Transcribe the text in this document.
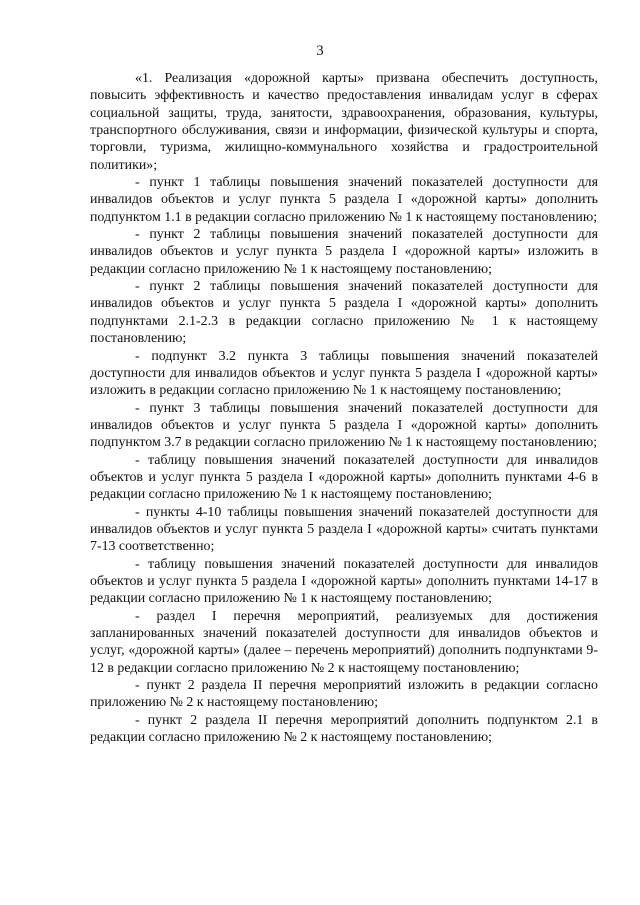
3

«1. Реализация «дорожной карты» призвана обеспечить доступность, повысить эффективность и качество предоставления инвалидам услуг в сферах социальной защиты, труда, занятости, здравоохранения, образования, культуры, транспортного обслуживания, связи и информации, физической культуры и спорта, торговли, туризма, жилищно-коммунального хозяйства и градостроительной политики»;

- пункт 1 таблицы повышения значений показателей доступности для инвалидов объектов и услуг пункта 5 раздела I «дорожной карты» дополнить подпунктом 1.1 в редакции согласно приложению № 1 к настоящему постановлению;

- пункт 2 таблицы повышения значений показателей доступности для инвалидов объектов и услуг пункта 5 раздела I «дорожной карты» изложить в редакции согласно приложению № 1 к настоящему постановлению;

- пункт 2 таблицы повышения значений показателей доступности для инвалидов объектов и услуг пункта 5 раздела I «дорожной карты» дополнить подпунктами 2.1-2.3 в редакции согласно приложению № 1 к настоящему постановлению;

- подпункт 3.2 пункта 3 таблицы повышения значений показателей доступности для инвалидов объектов и услуг пункта 5 раздела I «дорожной карты» изложить в редакции согласно приложению № 1 к настоящему постановлению;

- пункт 3 таблицы повышения значений показателей доступности для инвалидов объектов и услуг пункта 5 раздела I «дорожной карты» дополнить подпунктом 3.7 в редакции согласно приложению № 1 к настоящему постановлению;

- таблицу повышения значений показателей доступности для инвалидов объектов и услуг пункта 5 раздела I «дорожной карты» дополнить пунктами 4-6 в редакции согласно приложению № 1 к настоящему постановлению;

- пункты 4-10 таблицы повышения значений показателей доступности для инвалидов объектов и услуг пункта 5 раздела I «дорожной карты» считать пунктами 7-13 соответственно;

- таблицу повышения значений показателей доступности для инвалидов объектов и услуг пункта 5 раздела I «дорожной карты» дополнить пунктами 14-17 в редакции согласно приложению № 1 к настоящему постановлению;

- раздел I перечня мероприятий, реализуемых для достижения запланированных значений показателей доступности для инвалидов объектов и услуг, «дорожной карты» (далее – перечень мероприятий) дополнить подпунктами 9-12 в редакции согласно приложению № 2 к настоящему постановлению;

- пункт 2 раздела II перечня мероприятий изложить в редакции согласно приложению № 2 к настоящему постановлению;

- пункт 2 раздела II перечня мероприятий дополнить подпунктом 2.1 в редакции согласно приложению № 2 к настоящему постановлению;
